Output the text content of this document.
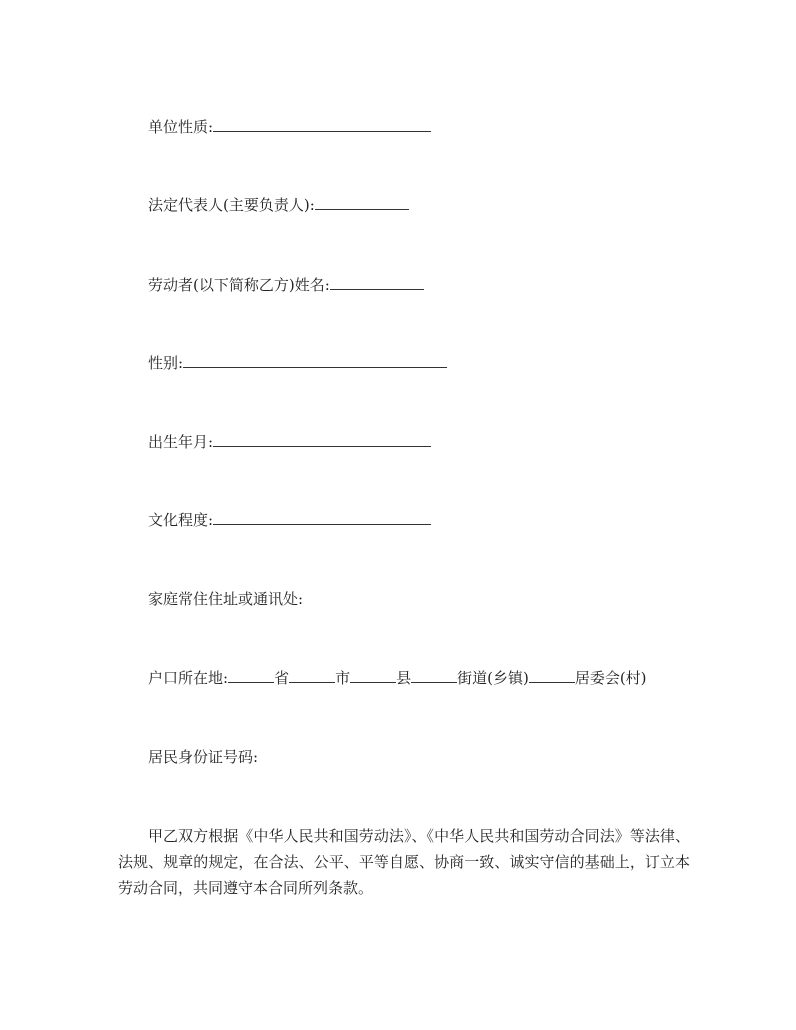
单位性质:
法定代表人(主要负责人):
劳动者(以下简称乙方)姓名:
性别:
出生年月:
文化程度:
家庭常住住址或通讯处:
户口所在地:	省	市	县	街道(乡镇)	居委会(村)
居民身份证号码:

甲乙双方根据《中华人民共和国劳动法》、《中华人民共和国劳动合同法》等法律、法规、规章的规定，在合法、公平、平等自愿、协商一致、诚实守信的基础上，订立本劳动合同，共同遵守本合同所列条款。
